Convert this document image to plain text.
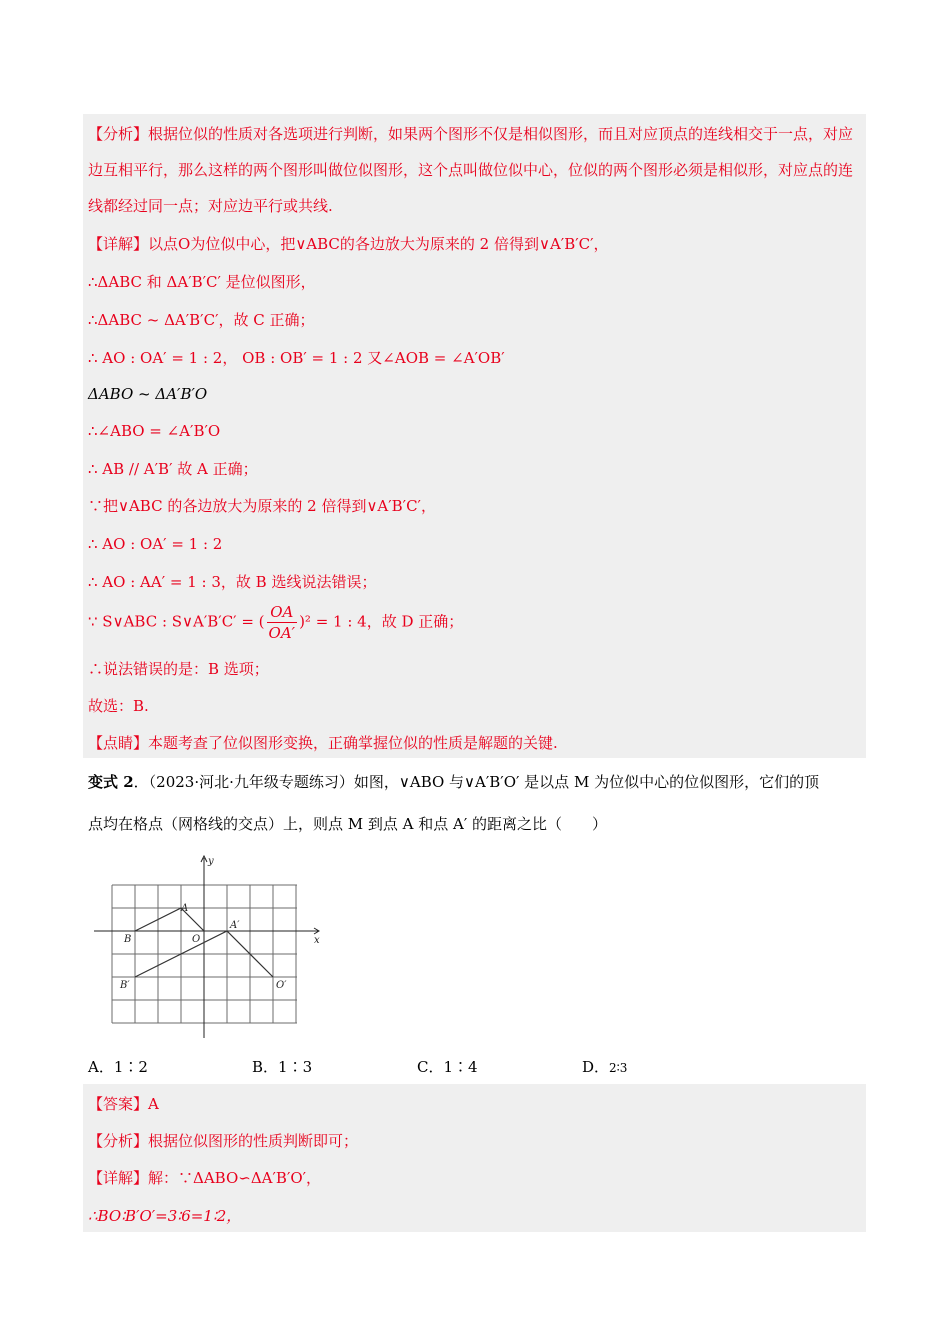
【分析】根据位似的性质对各选项进行判断，如果两个图形不仅是相似图形，而且对应顶点的连线相交于一点，对应边互相平行，那么这样的两个图形叫做位似图形，这个点叫做位似中心，位似的两个图形必须是相似形，对应点的连线都经过同一点；对应边平行或共线.
【详解】以点O为位似中心，把∨ABC的各边放大为原来的 2 倍得到∨A′B′C′，
∴ΔABC 和 ΔA′B′C′ 是位似图形，
∴ΔABC ~ ΔA′B′C′，故 C 正确；
∴ AO : OA′ = 1 : 2， OB : OB′ = 1 : 2 又∠AOB = ∠A′OB′
ΔABO ~ ΔA′B′O
∴∠ABO = ∠A′B′O
∴ AB // A′B′ 故 A 正确；
∵把∨ABC 的各边放大为原来的 2 倍得到∨A′B′C′，
∴ AO : OA′ = 1 : 2
∴ AO : AA′ = 1 : 3，故 B 选线说法错误；
∵ S∨ABC : S∨A′B′C′ = ( $\frac{OA}{OA'} )^2 = 1$ : 4，故 D 正确；
∴说法错误的是：B 选项；
故选：B.
【点睛】本题考查了位似图形变换，正确掌握位似的性质是解题的关键.
变式 2．（2023·河北·九年级专题练习）如图，∨ABO 与∨A′B′O′ 是以点 M 为位似中心的位似图形，它们的顶
点均在格点（网格线的交点）上，则点 M 到点 A 和点 A′ 的距离之比（　　）
x
y
A
B	O
A′
B′	O′
A．1∶2	B．1∶3	C．1∶4	D．2∶3
【答案】A
【分析】根据位似图形的性质判断即可；
【详解】解：∵ΔABO∽ΔA′B′O′，
∴BO∶B′O′=3∶6=1∶2，
